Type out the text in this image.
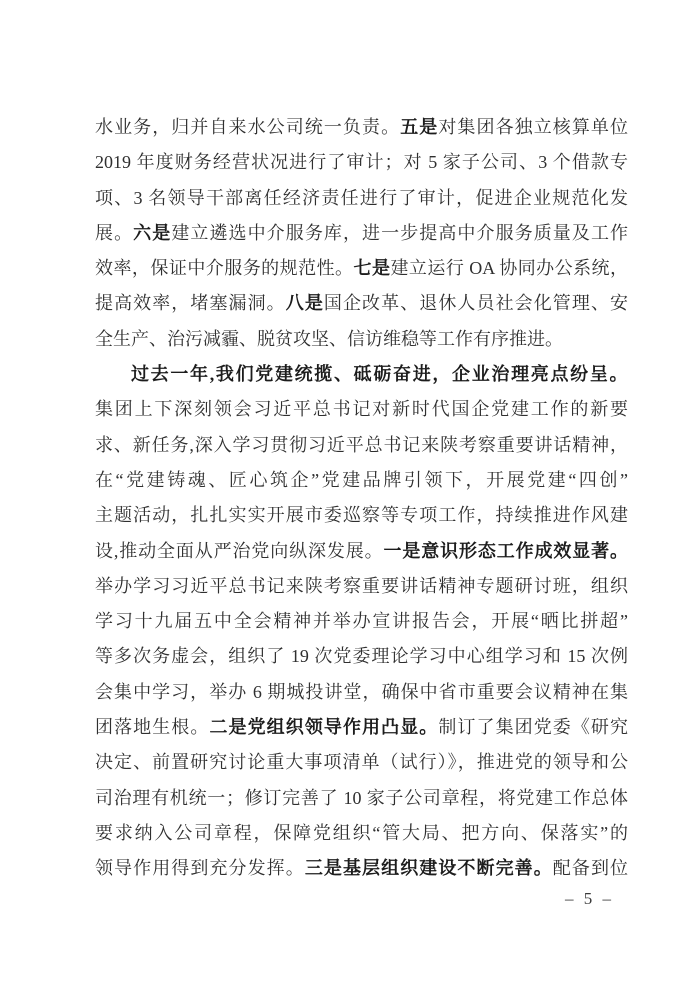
水业务，归并自来水公司统一负责。五是对集团各独立核算单位
2019 年度财务经营状况进行了审计；对 5 家子公司、3 个借款专
项、3 名领导干部离任经济责任进行了审计，促进企业规范化发
展。六是建立遴选中介服务库，进一步提高中介服务质量及工作
效率，保证中介服务的规范性。七是建立运行 OA 协同办公系统，
提高效率，堵塞漏洞。八是国企改革、退休人员社会化管理、安
全生产、治污减霾、脱贫攻坚、信访维稳等工作有序推进。
过去一年,我们党建统揽、砥砺奋进，企业治理亮点纷呈。
集团上下深刻领会习近平总书记对新时代国企党建工作的新要
求、新任务,深入学习贯彻习近平总书记来陕考察重要讲话精神，
在“党建铸魂、匠心筑企”党建品牌引领下，开展党建“四创”
主题活动，扎扎实实开展市委巡察等专项工作，持续推进作风建
设,推动全面从严治党向纵深发展。一是意识形态工作成效显著。
举办学习习近平总书记来陕考察重要讲话精神专题研讨班，组织
学习十九届五中全会精神并举办宣讲报告会，开展“晒比拼超”
等多次务虚会，组织了 19 次党委理论学习中心组学习和 15 次例
会集中学习，举办 6 期城投讲堂，确保中省市重要会议精神在集
团落地生根。二是党组织领导作用凸显。制订了集团党委《研究
决定、前置研究讨论重大事项清单（试行）》，推进党的领导和公
司治理有机统一；修订完善了 10 家子公司章程，将党建工作总体
要求纳入公司章程，保障党组织“管大局、把方向、保落实”的
领导作用得到充分发挥。三是基层组织建设不断完善。配备到位
– 5 –
